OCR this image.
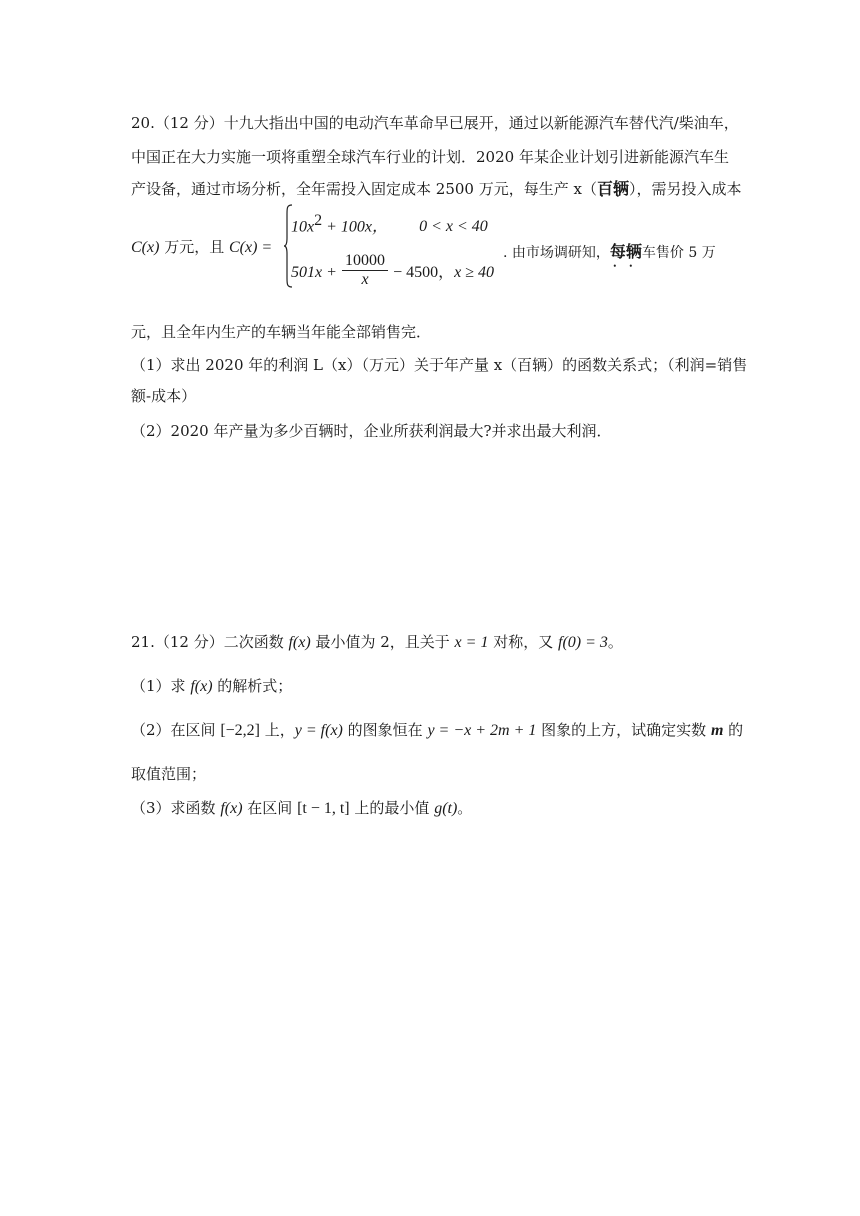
20.（12 分）十九大指出中国的电动汽车革命早已展开，通过以新能源汽车替代汽/柴油车，
中国正在大力实施一项将重塑全球汽车行业的计划．2020 年某企业计划引进新能源汽车生
产设备，通过市场分析，全年需投入固定成本 2500 万元，每生产 x（百辆 • •），需另投入成本
C(x) 万元，且 C(x) =
$10x^2 + 100x$， 0 < x < 40
$501x + \frac{10000}{x} - 4500$，x ≥ 40
. 由市场调研知，每辆 • •车售价 5 万
元，且全年内生产的车辆当年能全部销售完．
（1）求出 2020 年的利润 L（x）（万元）关于年产量 x（百辆）的函数关系式；（利润=销售
额-成本）
（2）2020 年产量为多少百辆时，企业所获利润最大?并求出最大利润．
21.（12 分）二次函数 f(x) 最小值为 2，且关于 x = 1 对称，又 f(0) = 3。
（1）求 f(x) 的解析式；
（2）在区间 [−2,2] 上，y = f(x) 的图象恒在 y = −x + 2m + 1 图象的上方，试确定实数 m 的
取值范围；
（3）求函数 f(x) 在区间 [t − 1, t] 上的最小值 g(t)。
